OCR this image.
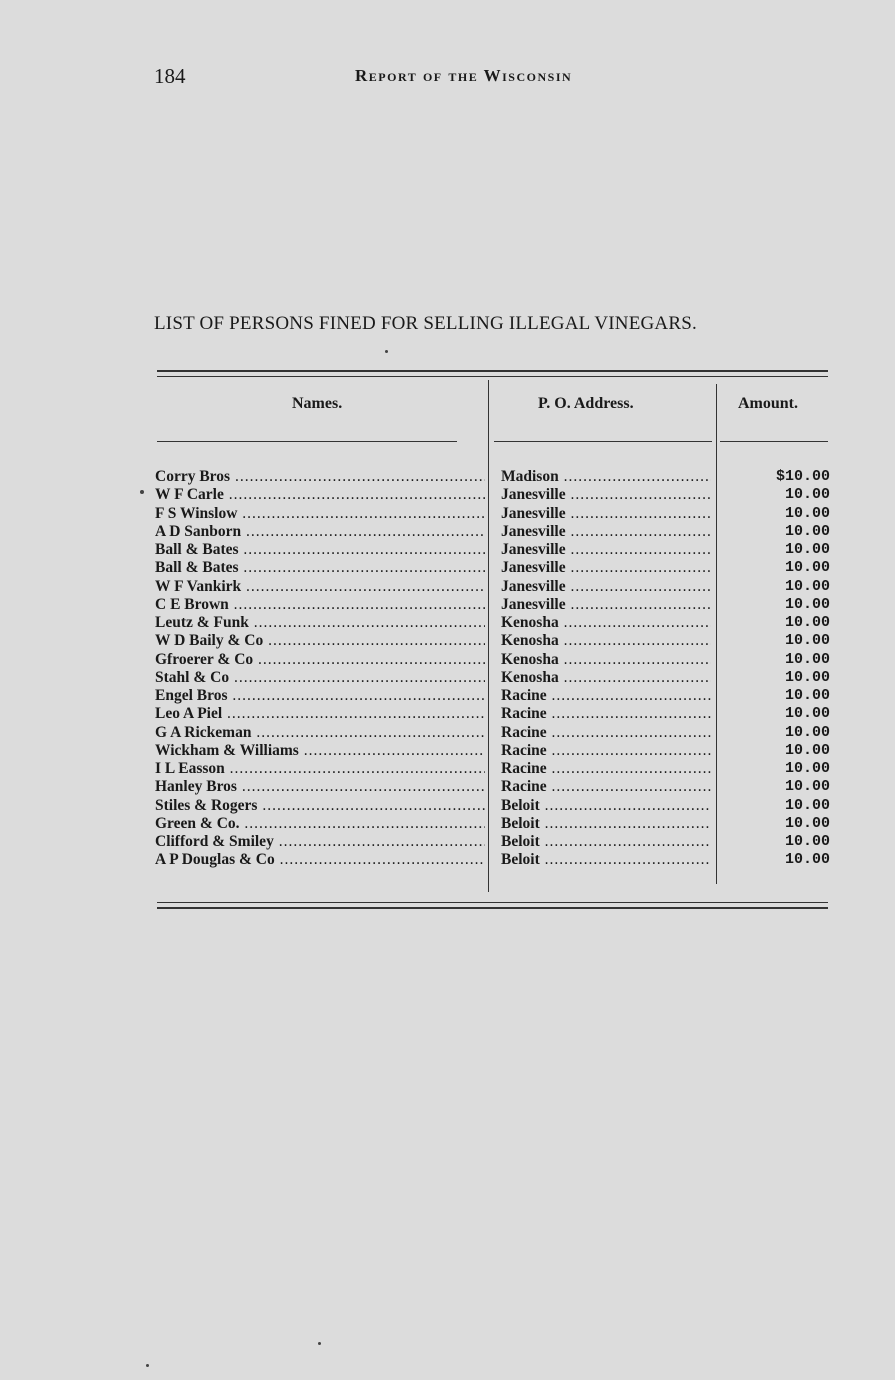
184	Report of the Wisconsin
LIST OF PERSONS FINED FOR SELLING ILLEGAL VINEGARS.
Names.	P. O. Address.	Amount.
Corry Bros .....	Madison .....	$10.00
W F Carle .....	Janesville .....	10.00
F S Winslow .....	Janesville .....	10.00
A D Sanborn .....	Janesville .....	10.00
Ball & Bates .....	Janesville .....	10.00
Ball & Bates .....	Janesville .....	10.00
W F Vankirk .....	Janesville .....	10.00
C E Brown .....	Janesville .....	10.00
Leutz & Funk .....	Kenosha .....	10.00
W D Baily & Co .....	Kenosha .....	10.00
Gfroerer & Co .....	Kenosha .....	10.00
Stahl & Co .....	Kenosha .....	10.00
Engel Bros .....	Racine .....	10.00
Leo A Piel .....	Racine .....	10.00
G A Rickeman .....	Racine .....	10.00
Wickham & Williams .....	Racine .....	10.00
I L Easson .....	Racine .....	10.00
Hanley Bros .....	Racine .....	10.00
Stiles & Rogers .....	Beloit .....	10.00
Green & Co. .....	Beloit .....	10.00
Clifford & Smiley .....	Beloit .....	10.00
A P Douglas & Co .....	Beloit .....	10.00
